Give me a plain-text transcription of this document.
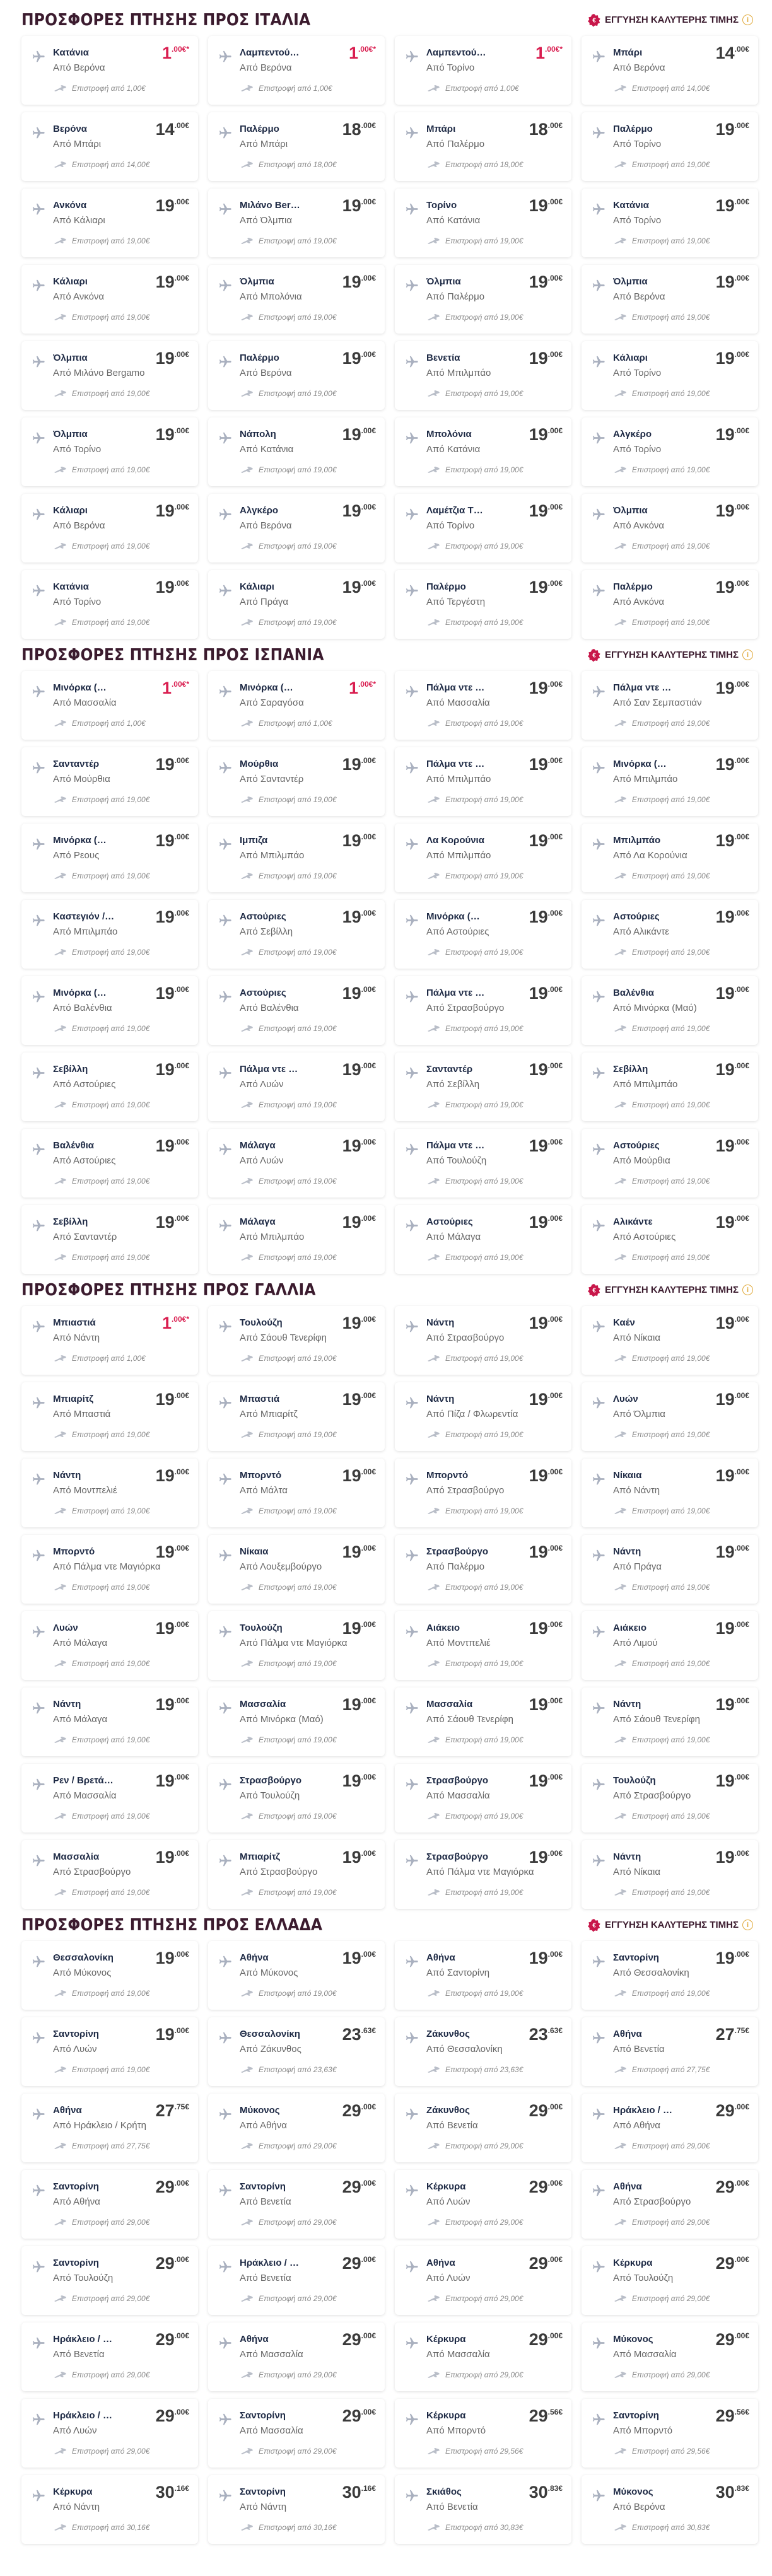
ΠΡΟΣΦΟΡΕΣ ΠΤΗΣΗΣ ΠΡΟΣ ΙΤΑΛΙΑ	€ ΕΓΓΥΗΣΗ ΚΑΛΥΤΕΡΗΣ ΤΙΜΗΣ	i
Κατάνια	$1^{.00€*}$
Από Βερόνα
Επιστροφή από 1,00€
Λαμπεντού…	$1^{.00€*}$
Από Βερόνα
Επιστροφή από 1,00€
Λαμπεντού…	$1^{.00€*}$
Από Τορίνο
Επιστροφή από 1,00€
Μπάρι	$14^{.00€}$
Από Βερόνα
Επιστροφή από 14,00€
Βερόνα	$14^{.00€}$
Από Μπάρι
Επιστροφή από 14,00€
Παλέρμο	$18^{.00€}$
Από Μπάρι
Επιστροφή από 18,00€
Μπάρι	$18^{.00€}$
Από Παλέρμο
Επιστροφή από 18,00€
Παλέρμο	$19^{.00€}$
Από Τορίνο
Επιστροφή από 19,00€
Ανκόνα	$19^{.00€}$
Από Κάλιαρι
Επιστροφή από 19,00€
Μιλάνο Ber… $19^{.00€}$
Από Όλμπια
Επιστροφή από 19,00€
Τορίνο	$19^{.00€}$
Από Κατάνια
Επιστροφή από 19,00€
Κατάνια	$19^{.00€}$
Από Τορίνο
Επιστροφή από 19,00€
Κάλιαρι	$19^{.00€}$
Από Ανκόνα
Επιστροφή από 19,00€
Όλμπια	$19^{.00€}$
Από Μπολόνια
Επιστροφή από 19,00€
Όλμπια	$19^{.00€}$
Από Παλέρμο
Επιστροφή από 19,00€
Όλμπια	$19^{.00€}$
Από Βερόνα
Επιστροφή από 19,00€
Όλμπια	$19^{.00€}$
Από Μιλάνο Bergamo
Επιστροφή από 19,00€
Παλέρμο	$19^{.00€}$
Από Βερόνα
Επιστροφή από 19,00€
Βενετία	$19^{.00€}$
Από Μπιλμπάο
Επιστροφή από 19,00€
Κάλιαρι	$19^{.00€}$
Από Τορίνο
Επιστροφή από 19,00€
Όλμπια	$19^{.00€}$
Από Τορίνο
Επιστροφή από 19,00€
Νάπολη	$19^{.00€}$
Από Κατάνια
Επιστροφή από 19,00€
Μπολόνια	$19^{.00€}$
Από Κατάνια
Επιστροφή από 19,00€
Αλγκέρο	$19^{.00€}$
Από Τορίνο
Επιστροφή από 19,00€
Κάλιαρι	$19^{.00€}$
Από Βερόνα
Επιστροφή από 19,00€
Αλγκέρο	$19^{.00€}$
Από Βερόνα
Επιστροφή από 19,00€
Λαμέτζια Τ…	$19^{.00€}$
Από Τορίνο
Επιστροφή από 19,00€
Όλμπια	$19^{.00€}$
Από Ανκόνα
Επιστροφή από 19,00€
Κατάνια	$19^{.00€}$
Από Τορίνο
Επιστροφή από 19,00€
Κάλιαρι	$19^{.00€}$
Από Πράγα
Επιστροφή από 19,00€
Παλέρμο	$19^{.00€}$
Από Τεργέστη
Επιστροφή από 19,00€
Παλέρμο	$19^{.00€}$
Από Ανκόνα
Επιστροφή από 19,00€
ΠΡΟΣΦΟΡΕΣ ΠΤΗΣΗΣ ΠΡΟΣ ΙΣΠΑΝΙΑ	€ ΕΓΓΥΗΣΗ ΚΑΛΥΤΕΡΗΣ ΤΙΜΗΣ	i
Μινόρκα (…	$1^{.00€*}$
Από Μασσαλία
Επιστροφή από 1,00€
Μινόρκα (…	$1^{.00€*}$
Από Σαραγόσα
Επιστροφή από 1,00€
Πάλμα ντε …	$19^{.00€}$
Από Μασσαλία
Επιστροφή από 19,00€
Πάλμα ντε …	$19^{.00€}$
Από Σαν Σεμπαστιάν
Επιστροφή από 19,00€
Σανταντέρ	$19^{.00€}$
Από Μούρθια
Επιστροφή από 19,00€
Μούρθια	$19^{.00€}$
Από Σανταντέρ
Επιστροφή από 19,00€
Πάλμα ντε …	$19^{.00€}$
Από Μπιλμπάο
Επιστροφή από 19,00€
Μινόρκα (…	$19^{.00€}$
Από Μπιλμπάο
Επιστροφή από 19,00€
Μινόρκα (…	$19^{.00€}$
Από Ρεους
Επιστροφή από 19,00€
Ιμπιζα	$19^{.00€}$
Από Μπιλμπάο
Επιστροφή από 19,00€
Λα Κορούνια	$19^{.00€}$
Από Μπιλμπάο
Επιστροφή από 19,00€
Μπιλμπάο	$19^{.00€}$
Από Λα Κορούνια
Επιστροφή από 19,00€
Καστεγιόν /… $19^{.00€}$
Από Μπιλμπάο
Επιστροφή από 19,00€
Αστούριες	$19^{.00€}$
Από Σεβίλλη
Επιστροφή από 19,00€
Μινόρκα (…	$19^{.00€}$
Από Αστούριες
Επιστροφή από 19,00€
Αστούριες	$19^{.00€}$
Από Αλικάντε
Επιστροφή από 19,00€
Μινόρκα (…	$19^{.00€}$
Από Βαλένθια
Επιστροφή από 19,00€
Αστούριες	$19^{.00€}$
Από Βαλένθια
Επιστροφή από 19,00€
Πάλμα ντε …	$19^{.00€}$
Από Στρασβούργο
Επιστροφή από 19,00€
Βαλένθια	$19^{.00€}$
Από Μινόρκα (Μαό)
Επιστροφή από 19,00€
Σεβίλλη	$19^{.00€}$
Από Αστούριες
Επιστροφή από 19,00€
Πάλμα ντε …	$19^{.00€}$
Από Λυών
Επιστροφή από 19,00€
Σανταντέρ	$19^{.00€}$
Από Σεβίλλη
Επιστροφή από 19,00€
Σεβίλλη	$19^{.00€}$
Από Μπιλμπάο
Επιστροφή από 19,00€
Βαλένθια	$19^{.00€}$
Από Αστούριες
Επιστροφή από 19,00€
Μάλαγα	$19^{.00€}$
Από Λυών
Επιστροφή από 19,00€
Πάλμα ντε …	$19^{.00€}$
Από Τουλούζη
Επιστροφή από 19,00€
Αστούριες	$19^{.00€}$
Από Μούρθια
Επιστροφή από 19,00€
Σεβίλλη	$19^{.00€}$
Από Σανταντέρ
Επιστροφή από 19,00€
Μάλαγα	$19^{.00€}$
Από Μπιλμπάο
Επιστροφή από 19,00€
Αστούριες	$19^{.00€}$
Από Μάλαγα
Επιστροφή από 19,00€
Αλικάντε	$19^{.00€}$
Από Αστούριες
Επιστροφή από 19,00€
ΠΡΟΣΦΟΡΕΣ ΠΤΗΣΗΣ ΠΡΟΣ ΓΑΛΛΙΑ	€ ΕΓΓΥΗΣΗ ΚΑΛΥΤΕΡΗΣ ΤΙΜΗΣ	i
Μπιαστιά	$1^{.00€*}$
Από Νάντη
Επιστροφή από 1,00€
Τουλούζη	$19^{.00€}$
Από Σάουθ Τενερίφη
Επιστροφή από 19,00€
Νάντη	$19^{.00€}$
Από Στρασβούργο
Επιστροφή από 19,00€
Καέν	$19^{.00€}$
Από Νίκαια
Επιστροφή από 19,00€
Μπιαρίτζ	$19^{.00€}$
Από Μπαστιά
Επιστροφή από 19,00€
Μπαστιά	$19^{.00€}$
Από Μπιαρίτζ
Επιστροφή από 19,00€
Νάντη	$19^{.00€}$
Από Πίζα / Φλωρεντία
Επιστροφή από 19,00€
Λυών	$19^{.00€}$
Από Όλμπια
Επιστροφή από 19,00€
Νάντη	$19^{.00€}$
Από Μοντπελιέ
Επιστροφή από 19,00€
Μπορντό	$19^{.00€}$
Από Μάλτα
Επιστροφή από 19,00€
Μπορντό	$19^{.00€}$
Από Στρασβούργο
Επιστροφή από 19,00€
Νίκαια	$19^{.00€}$
Από Νάντη
Επιστροφή από 19,00€
Μπορντό	$19^{.00€}$
Από Πάλμα ντε Μαγιόρκα
Επιστροφή από 19,00€
Νίκαια	$19^{.00€}$
Από Λουξεμβούργο
Επιστροφή από 19,00€
Στρασβούργο $19^{.00€}$
Από Παλέρμο
Επιστροφή από 19,00€
Νάντη	$19^{.00€}$
Από Πράγα
Επιστροφή από 19,00€
Λυών	$19^{.00€}$
Από Μάλαγα
Επιστροφή από 19,00€
Τουλούζη	$19^{.00€}$
Από Πάλμα ντε Μαγιόρκα
Επιστροφή από 19,00€
Αιάκειο	$19^{.00€}$
Από Μοντπελιέ
Επιστροφή από 19,00€
Αιάκειο	$19^{.00€}$
Από Λιμού
Επιστροφή από 19,00€
Νάντη	$19^{.00€}$
Από Μάλαγα
Επιστροφή από 19,00€
Μασσαλία	$19^{.00€}$
Από Μινόρκα (Μαό)
Επιστροφή από 19,00€
Μασσαλία	$19^{.00€}$
Από Σάουθ Τενερίφη
Επιστροφή από 19,00€
Νάντη	$19^{.00€}$
Από Σάουθ Τενερίφη
Επιστροφή από 19,00€
Ρεν / Βρετά… $19^{.00€}$
Από Μασσαλία
Επιστροφή από 19,00€
Στρασβούργο $19^{.00€}$
Από Τουλούζη
Επιστροφή από 19,00€
Στρασβούργο $19^{.00€}$
Από Μασσαλία
Επιστροφή από 19,00€
Τουλούζη	$19^{.00€}$
Από Στρασβούργο
Επιστροφή από 19,00€
Μασσαλία	$19^{.00€}$
Από Στρασβούργο
Επιστροφή από 19,00€
Μπιαρίτζ	$19^{.00€}$
Από Στρασβούργο
Επιστροφή από 19,00€
Στρασβούργο $19^{.00€}$
Από Πάλμα ντε Μαγιόρκα
Επιστροφή από 19,00€
Νάντη	$19^{.00€}$
Από Νίκαια
Επιστροφή από 19,00€
ΠΡΟΣΦΟΡΕΣ ΠΤΗΣΗΣ ΠΡΟΣ ΕΛΛΑΔΑ	€ ΕΓΓΥΗΣΗ ΚΑΛΥΤΕΡΗΣ ΤΙΜΗΣ	i
Θεσσαλονίκη $19^{.00€}$
Από Μύκονος
Επιστροφή από 19,00€
Αθήνα	$19^{.00€}$
Από Μύκονος
Επιστροφή από 19,00€
Αθήνα	$19^{.00€}$
Από Σαντορίνη
Επιστροφή από 19,00€
Σαντορίνη	$19^{.00€}$
Από Θεσσαλονίκη
Επιστροφή από 19,00€
Σαντορίνη	$19^{.00€}$
Από Λυών
Επιστροφή από 19,00€
Θεσσαλονίκη $23^{.63€}$
Από Ζάκυνθος
Επιστροφή από 23,63€
Ζάκυνθος	$23^{.63€}$
Από Θεσσαλονίκη
Επιστροφή από 23,63€
Αθήνα	$27^{.75€}$
Από Βενετία
Επιστροφή από 27,75€
Αθήνα	$27^{.75€}$
Από Ηράκλειο / Κρήτη
Επιστροφή από 27,75€
Μύκονος	$29^{.00€}$
Από Αθήνα
Επιστροφή από 29,00€
Ζάκυνθος	$29^{.00€}$
Από Βενετία
Επιστροφή από 29,00€
Ηράκλειο / …	$29^{.00€}$
Από Αθήνα
Επιστροφή από 29,00€
Σαντορίνη	$29^{.00€}$
Από Αθήνα
Επιστροφή από 29,00€
Σαντορίνη	$29^{.00€}$
Από Βενετία
Επιστροφή από 29,00€
Κέρκυρα	$29^{.00€}$
Από Λυών
Επιστροφή από 29,00€
Αθήνα	$29^{.00€}$
Από Στρασβούργο
Επιστροφή από 29,00€
Σαντορίνη	$29^{.00€}$
Από Τουλούζη
Επιστροφή από 29,00€
Ηράκλειο / …	$29^{.00€}$
Από Βενετία
Επιστροφή από 29,00€
Αθήνα	$29^{.00€}$
Από Λυών
Επιστροφή από 29,00€
Κέρκυρα	$29^{.00€}$
Από Τουλούζη
Επιστροφή από 29,00€
Ηράκλειο / …	$29^{.00€}$
Από Βενετία
Επιστροφή από 29,00€
Αθήνα	$29^{.00€}$
Από Μασσαλία
Επιστροφή από 29,00€
Κέρκυρα	$29^{.00€}$
Από Μασσαλία
Επιστροφή από 29,00€
Μύκονος	$29^{.00€}$
Από Μασσαλία
Επιστροφή από 29,00€
Ηράκλειο / …	$29^{.00€}$
Από Λυών
Επιστροφή από 29,00€
Σαντορίνη	$29^{.00€}$
Από Μασσαλία
Επιστροφή από 29,00€
Κέρκυρα	$29^{.56€}$
Από Μπορντό
Επιστροφή από 29,56€
Σαντορίνη	$29^{.56€}$
Από Μπορντό
Επιστροφή από 29,56€
Κέρκυρα	$30^{.16€}$
Από Νάντη
Επιστροφή από 30,16€
Σαντορίνη	$30^{.16€}$
Από Νάντη
Επιστροφή από 30,16€
Σκιάθος	$30^{.83€}$
Από Βενετία
Επιστροφή από 30,83€
Μύκονος	$30^{.83€}$
Από Βερόνα
Επιστροφή από 30,83€
